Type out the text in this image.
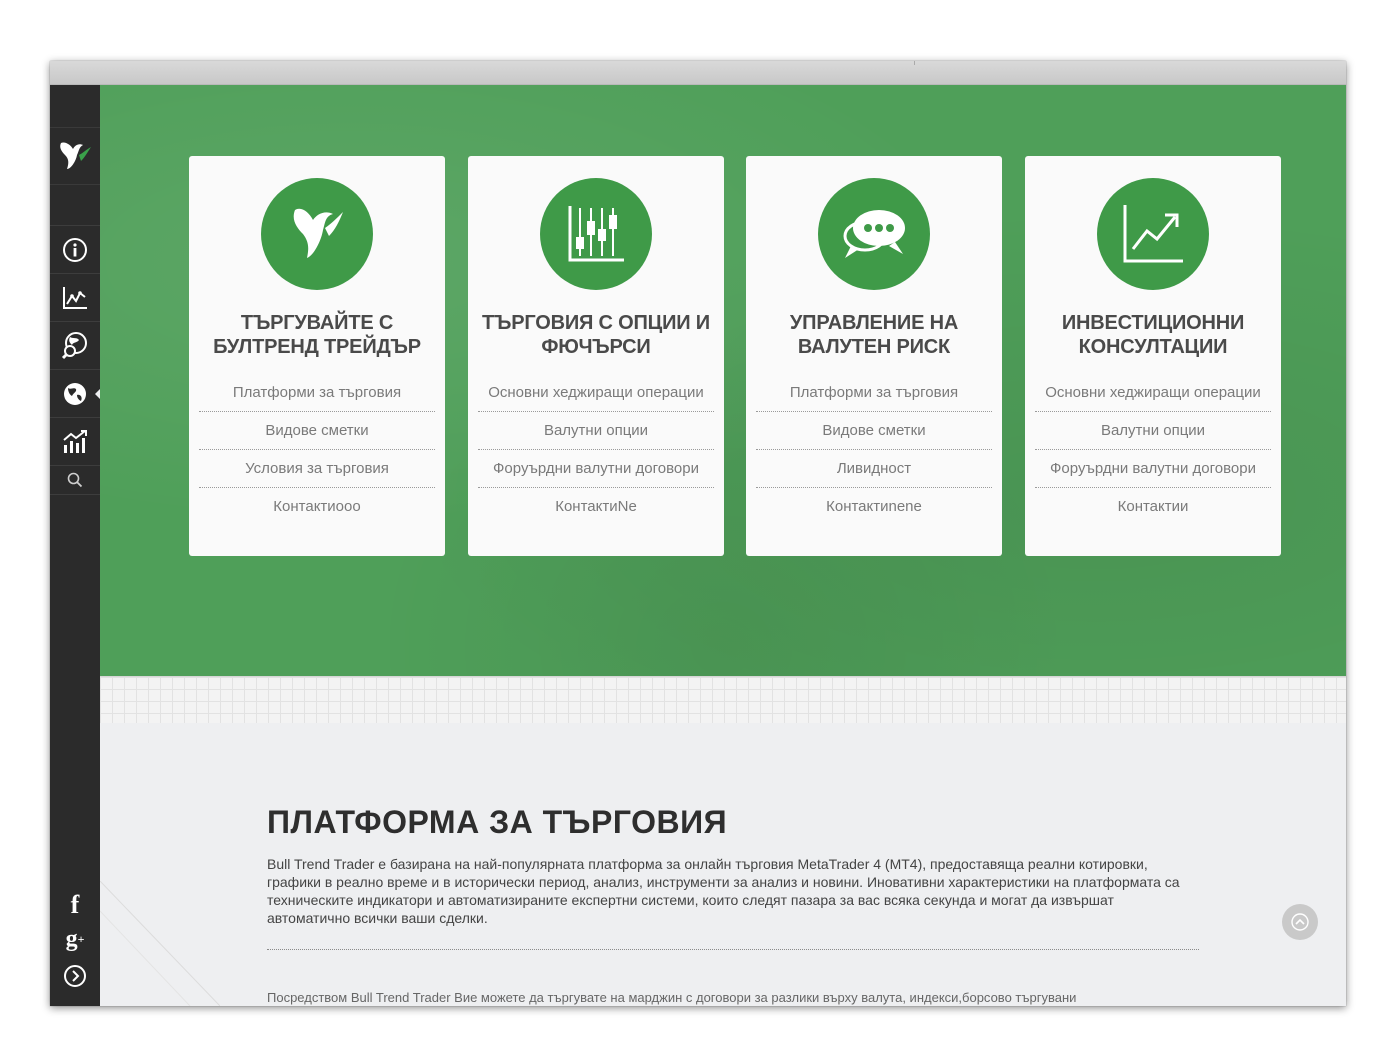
f
g +
ТЪРГУВАЙТЕ С БУЛТРЕНД ТРЕЙДЪР
Платформи за търговия
Видове сметки
Условия за търговия
Контактиооо
ТЪРГОВИЯ С ОПЦИИ И ФЮЧЪРСИ
Основни хеджиращи операции
Валутни опции
Форуърдни валутни договори
КонтактиNe
УПРАВЛЕНИЕ НА ВАЛУТЕН РИСК
Платформи за търговия
Видове сметки
Ливидност
Контактиnene
ИНВЕСТИЦИОННИ КОНСУЛТАЦИИ
Основни хеджиращи операции
Валутни опции
Форуърдни валутни договори
Контактии
ПЛАТФОРМА ЗА ТЪРГОВИЯ

Bull Trend Trader е базирана на най-популярната платформа за онлайн търговия MetaTrader 4 (MT4), предоставяща реални котировки, графики в реално време и в исторически период, анализ, инструменти за анализ и новини. Иновативни характеристики на платформата са техническите индикатори и автоматизираните експертни системи, които следят пазара за вас всяка секунда и могат да извършат автоматично всички ваши сделки.

Посредством Bull Trend Trader Вие можете да търгувате на марджин с договори за разлики върху валута, индекси,борсово търгувани
